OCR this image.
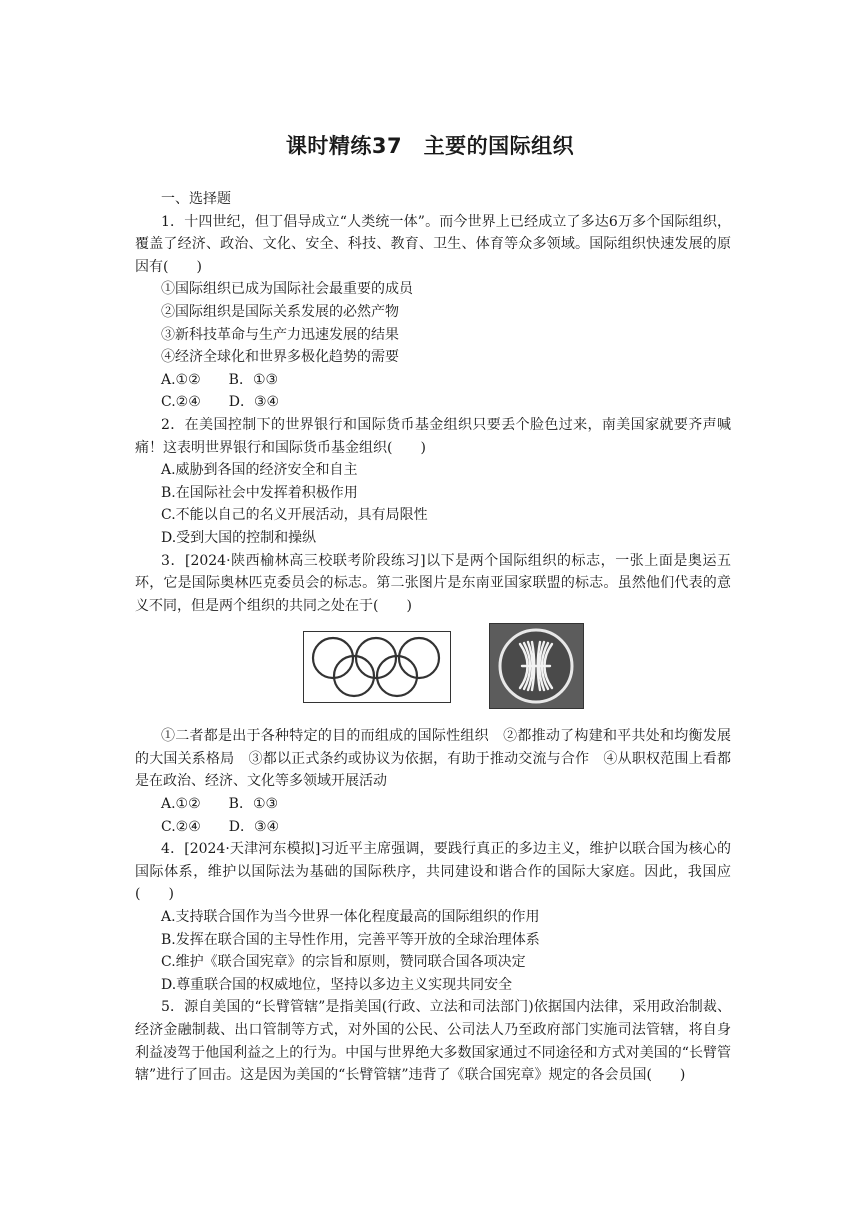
课时精练37　主要的国际组织

一、选择题

1．十四世纪，但丁倡导成立“人类统一体”。而今世界上已经成立了多达6万多个国际组织，覆盖了经济、政治、文化、安全、科技、教育、卫生、体育等众多领域。国际组织快速发展的原因有(　　)

①国际组织已成为国际社会最重要的成员

②国际组织是国际关系发展的必然产物

③新科技革命与生产力迅速发展的结果

④经济全球化和世界多极化趋势的需要

A.①②　　B．①③

C.②④　　D．③④

2．在美国控制下的世界银行和国际货币基金组织只要丢个脸色过来，南美国家就要齐声喊痛！这表明世界银行和国际货币基金组织(　　)

A.威胁到各国的经济安全和自主

B.在国际社会中发挥着积极作用

C.不能以自己的名义开展活动，具有局限性

D.受到大国的控制和操纵

3．[2024·陕西榆林高三校联考阶段练习]以下是两个国际组织的标志，一张上面是奥运五环，它是国际奥林匹克委员会的标志。第二张图片是东南亚国家联盟的标志。虽然他们代表的意义不同，但是两个组织的共同之处在于(　　)

①二者都是出于各种特定的目的而组成的国际性组织　②都推动了构建和平共处和均衡发展的大国关系格局　③都以正式条约或协议为依据，有助于推动交流与合作　④从职权范围上看都是在政治、经济、文化等多领域开展活动

A.①②　　B．①③

C.②④　　D．③④

4．[2024·天津河东模拟]习近平主席强调，要践行真正的多边主义，维护以联合国为核心的国际体系，维护以国际法为基础的国际秩序，共同建设和谐合作的国际大家庭。因此，我国应(　　)

A.支持联合国作为当今世界一体化程度最高的国际组织的作用

B.发挥在联合国的主导性作用，完善平等开放的全球治理体系

C.维护《联合国宪章》的宗旨和原则，赞同联合国各项决定

D.尊重联合国的权威地位，坚持以多边主义实现共同安全

5．源自美国的“长臂管辖”是指美国(行政、立法和司法部门)依据国内法律，采用政治制裁、经济金融制裁、出口管制等方式，对外国的公民、公司法人乃至政府部门实施司法管辖，将自身利益凌驾于他国利益之上的行为。中国与世界绝大多数国家通过不同途径和方式对美国的“长臂管辖”进行了回击。这是因为美国的“长臂管辖”违背了《联合国宪章》规定的各会员国(　　)
